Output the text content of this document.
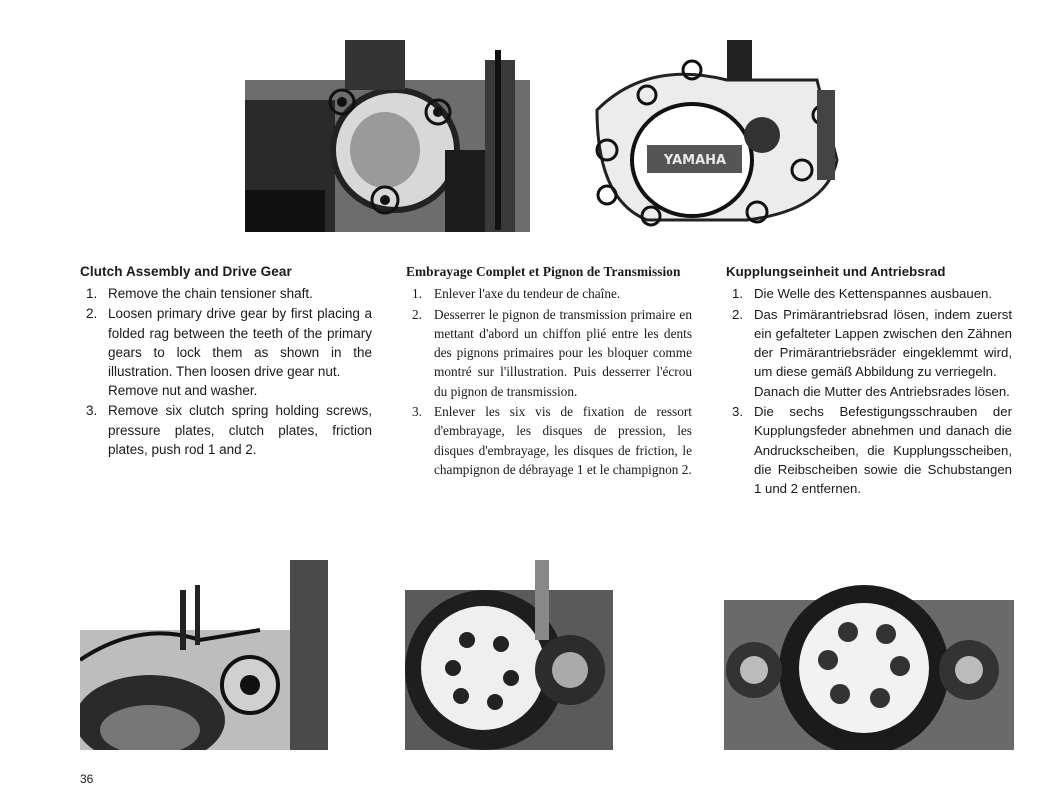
YAMAHA
Clutch Assembly and Drive Gear
1. Remove the chain tensioner shaft.

2. Loosen primary drive gear by first placing a folded rag between the teeth of the primary gears to lock them as shown in the illustration. Then loosen drive gear nut.

Remove nut and washer.

3. Remove six clutch spring holding screws, pressure plates, clutch plates, friction plates, push rod 1 and 2.

Embrayage Complet et Pignon de Transmission
1. Enlever l'axe du tendeur de chaîne.

2. Desserrer le pignon de transmission primaire en mettant d'abord un chiffon plié entre les dents des pignons primaires pour les bloquer comme montré sur l'illustration. Puis desserrer l'écrou du pignon de transmission.

3. Enlever les six vis de fixation de ressort d'embrayage, les disques de pression, les disques d'embrayage, les disques de friction, le champignon de débrayage 1 et le champignon 2.

Kupplungseinheit und Antriebsrad
1. Die Welle des Kettenspannes ausbauen.

2. Das Primärantriebsrad lösen, indem zuerst ein gefalteter Lappen zwischen den Zähnen der Primärantriebsräder eingeklemmt wird, um diese gemäß Abbildung zu verriegeln.

Danach die Mutter des Antriebsrades lösen.

3. Die sechs Befestigungsschrauben der Kupplungsfeder abnehmen und danach die Andruckscheiben, die Kupplungsscheiben, die Reibscheiben sowie die Schubstangen 1 und 2 entfernen.

36
